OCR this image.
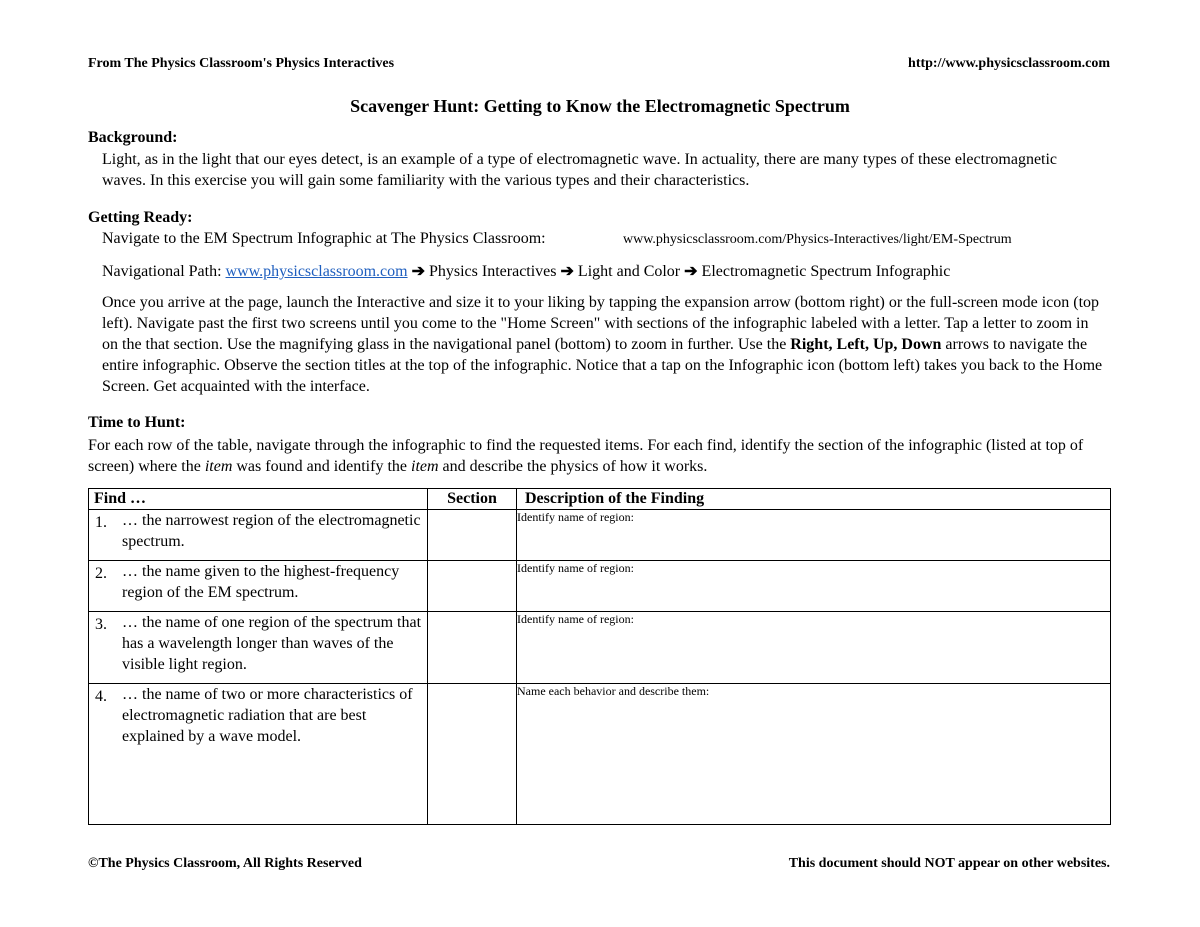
From The Physics Classroom's Physics Interactives	http://www.physicsclassroom.com
Scavenger Hunt: Getting to Know the Electromagnetic Spectrum
Background:
Light, as in the light that our eyes detect, is an example of a type of electromagnetic wave. In actuality, there are many types of these electromagnetic waves. In this exercise you will gain some familiarity with the various types and their characteristics.
Getting Ready:
Navigate to the EM Spectrum Infographic at The Physics Classroom:	www.physicsclassroom.com/Physics-Interactives/light/EM-Spectrum
Navigational Path: www.physicsclassroom.com ➔ Physics Interactives ➔ Light and Color ➔ Electromagnetic Spectrum Infographic
Once you arrive at the page, launch the Interactive and size it to your liking by tapping the expansion arrow (bottom right) or the full-screen mode icon (top left). Navigate past the first two screens until you come to the "Home Screen" with sections of the infographic labeled with a letter. Tap a letter to zoom in on the that section. Use the magnifying glass in the navigational panel (bottom) to zoom in further. Use the Right, Left, Up, Down arrows to navigate the entire infographic. Observe the section titles at the top of the infographic. Notice that a tap on the Infographic icon (bottom left) takes you back to the Home Screen. Get acquainted with the interface.
Time to Hunt:
For each row of the table, navigate through the infographic to find the requested items. For each find, identify the section of the infographic (listed at top of screen) where the item was found and identify the item and describe the physics of how it works.
Find …	Section	Description of the Finding

1. … the narrowest region of the electromagnetic spectrum.		Identify name of region:

2. … the name given to the highest-frequency region of the EM spectrum.		Identify name of region:

3. … the name of one region of the spectrum that has a wavelength longer than waves of the visible light region.		Identify name of region:

4. … the name of two or more characteristics of electromagnetic radiation that are best explained by a wave model.		Name each behavior and describe them:
©The Physics Classroom, All Rights Reserved	This document should NOT appear on other websites.
